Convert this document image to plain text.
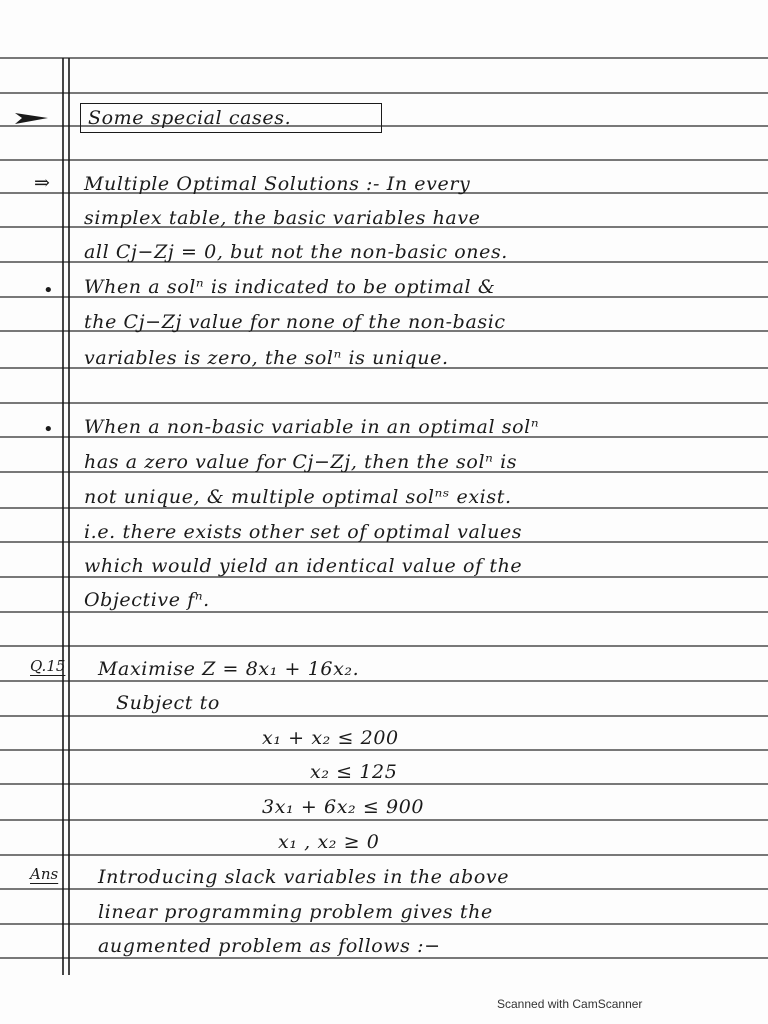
Some special cases.
⇒ Multiple Optimal Solutions :- In every
simplex table, the basic variables have
all Cj−Zj = 0, but not the non-basic ones.
• When a solⁿ is indicated to be optimal &
the Cj−Zj value for none of the non-basic
variables is zero, the solⁿ is unique.
• When a non-basic variable in an optimal solⁿ
has a zero value for Cj−Zj, then the solⁿ is
not unique, & multiple optimal solⁿˢ exist.
i.e. there exists other set of optimal values
which would yield an identical value of the
Objective fⁿ.
Q.15 Maximise Z = 8x₁ + 16x₂.
Subject to
x₁ + x₂ ≤ 200
x₂ ≤ 125
3x₁ + 6x₂ ≤ 900
x₁ , x₂ ≥ 0
Ans Introducing slack variables in the above
linear programming problem gives the
augmented problem as follows :−
Scanned with CamScanner
